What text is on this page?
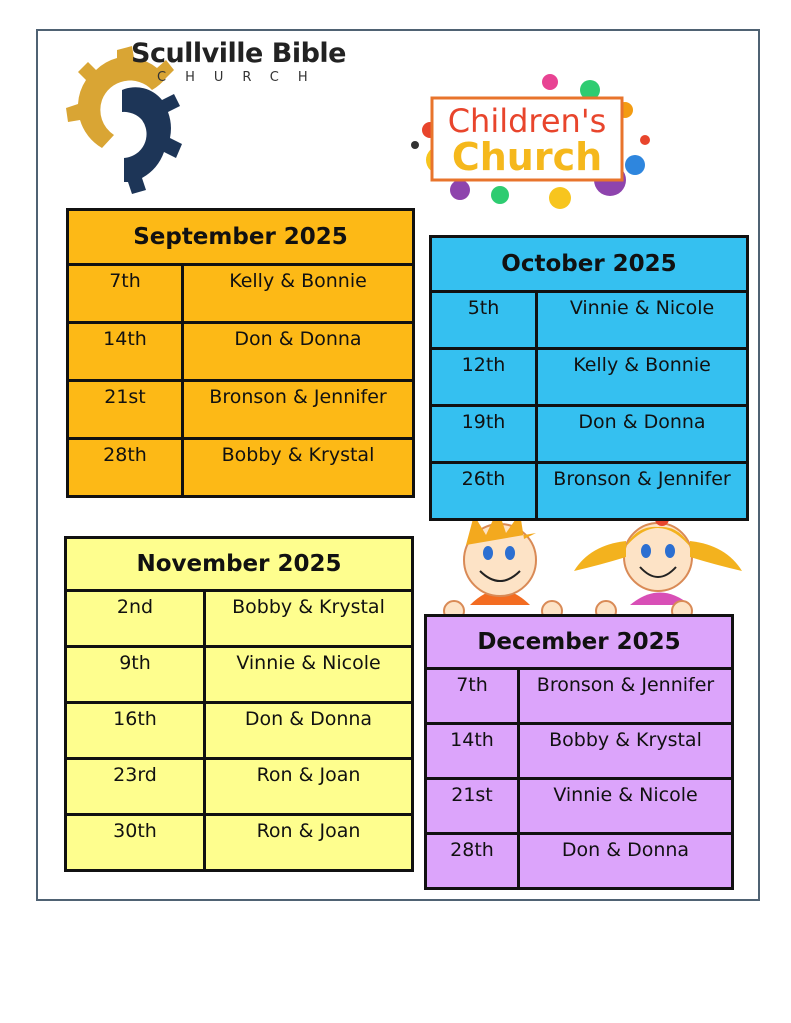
Scullville Bible
CHURCH
Children's
Church
September 2025	
7th	Kelly & Bonnie
14th	Don & Donna
21st	Bronson & Jennifer
28th	Bobby & Krystal
October 2025	
5th	Vinnie & Nicole
12th	Kelly & Bonnie
19th	Don & Donna
26th	Bronson & Jennifer
November 2025	
2nd	Bobby & Krystal
9th	Vinnie & Nicole
16th	Don & Donna
23rd	Ron & Joan
30th	Ron & Joan
December 2025	
7th	Bronson & Jennifer
14th	Bobby & Krystal
21st	Vinnie & Nicole
28th	Don & Donna
